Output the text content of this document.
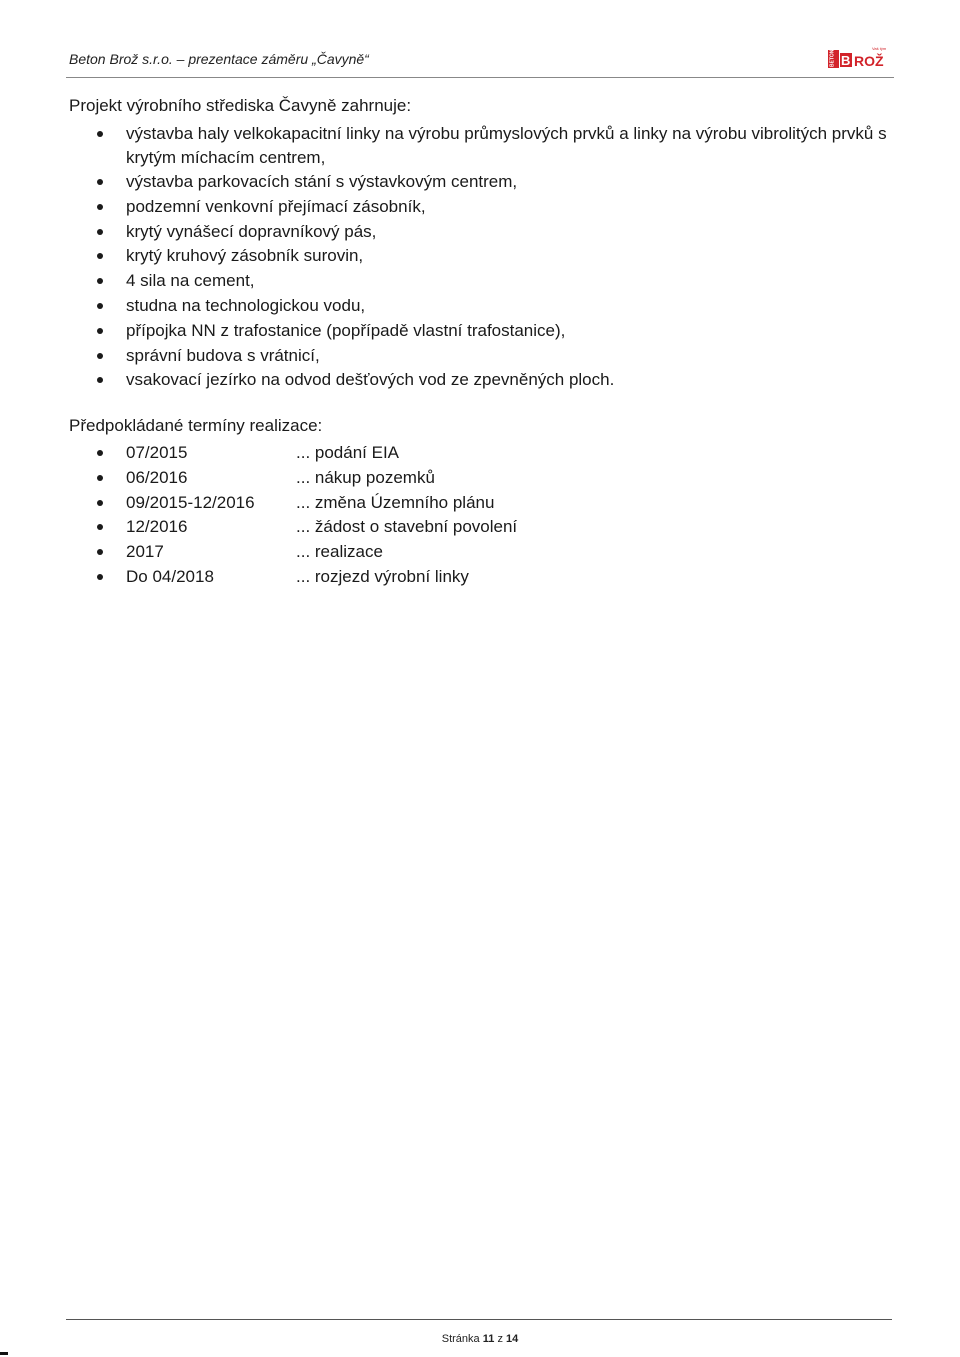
Beton Brož s.r.o. – prezentace záměru „Čavyně“	BETON B ROŽ
Vaš tým
Projekt výrobního střediska Čavyně zahrnuje:
výstavba haly velkokapacitní linky na výrobu průmyslových prvků a linky na výrobu vibrolitých prvků s krytým míchacím centrem,
výstavba parkovacích stání s výstavkovým centrem,
podzemní venkovní přejímací zásobník,
krytý vynášecí dopravníkový pás,
krytý kruhový zásobník surovin,
4 sila na cement,
studna na technologickou vodu,
přípojka NN z trafostanice (popřípadě vlastní trafostanice),
správní budova s vrátnicí,
vsakovací jezírko na odvod dešťových vod ze zpevněných ploch.
Předpokládané termíny realizace:
07/2015	... podání EIA
06/2016	... nákup pozemků
09/2015-12/2016 ... změna Územního plánu
12/2016	... žádost o stavební povolení
2017	... realizace
Do 04/2018	... rozjezd výrobní linky
Stránka 11 z 14
